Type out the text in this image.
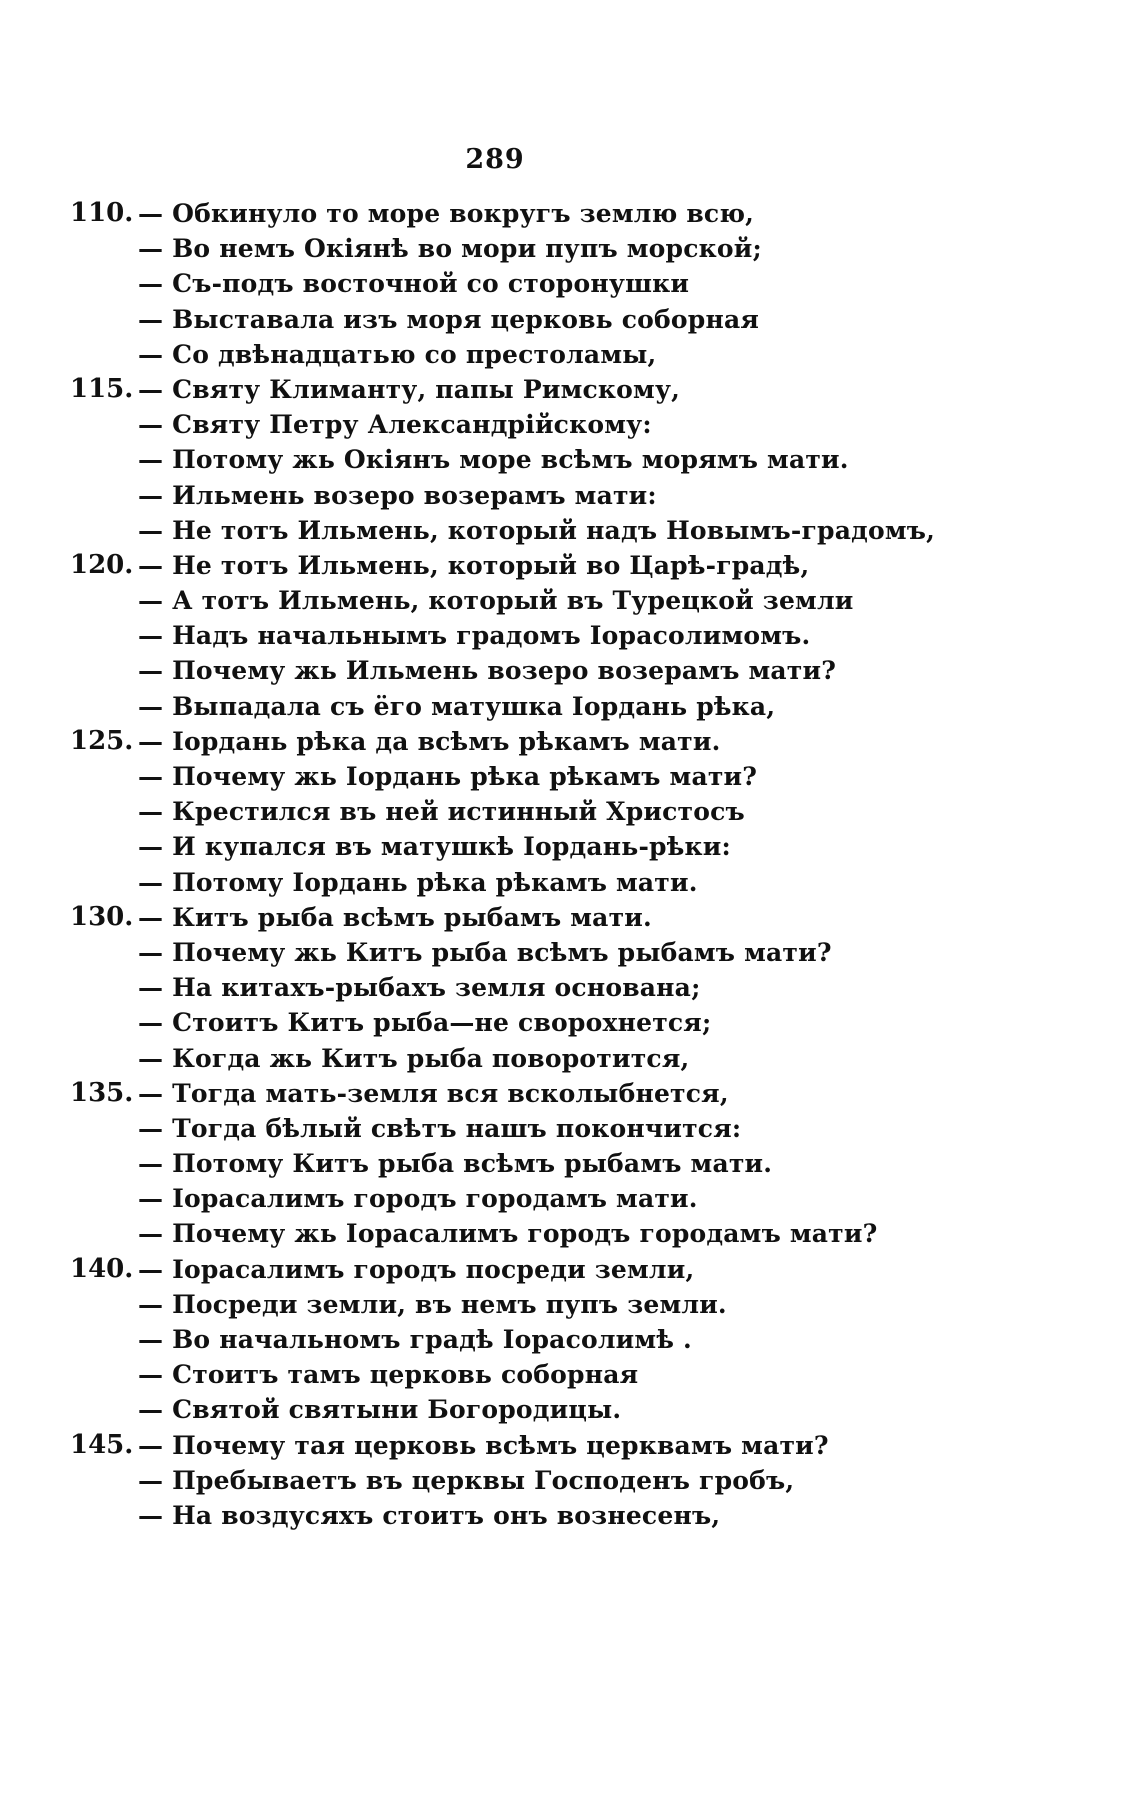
289
110. — Обкинуло то море вокругъ землю всю,
— Во немъ Окіянѣ во мори пупъ морской;
— Съ-подъ восточной со сторонушки
— Выставала изъ моря церковь соборная
— Со двѣнадцатью со престоламы,
115. — Святу Климанту, папы Римскому,
— Святу Петру Александрійскому:
— Потому жь Окіянъ море всѣмъ морямъ мати.
— Ильмень возеро возерамъ мати:
— Не тотъ Ильмень, который надъ Новымъ-градомъ,
120. — Не тотъ Ильмень, который во Царѣ-градѣ,
— А тотъ Ильмень, который въ Турецкой земли
— Надъ начальнымъ градомъ Іорасолимомъ.
— Почему жь Ильмень возеро возерамъ мати?
— Выпадала съ ёго матушка Іордань рѣка,
125. — Іордань рѣка да всѣмъ рѣкамъ мати.
— Почему жь Іордань рѣка рѣкамъ мати?
— Крестился въ ней истинный Христосъ
— И купался въ матушкѣ Іордань-рѣки:
— Потому Іордань рѣка рѣкамъ мати.
130. — Китъ рыба всѣмъ рыбамъ мати.
— Почему жь Китъ рыба всѣмъ рыбамъ мати?
— На китахъ-рыбахъ земля основана;
— Стоитъ Китъ рыба—не сворохнется;
— Когда жь Китъ рыба поворотится,
135. — Тогда мать-земля вся всколыбнется,
— Тогда бѣлый свѣтъ нашъ покончится:
— Потому Китъ рыба всѣмъ рыбамъ мати.
— Іорасалимъ городъ городамъ мати.
— Почему жь Іорасалимъ городъ городамъ мати?
140. — Іорасалимъ городъ посреди земли,
— Посреди земли, въ немъ пупъ земли.
— Во начальномъ градѣ Іорасолимѣ .
— Стоитъ тамъ церковь соборная
— Святой святыни Богородицы.
145. — Почему тая церковь всѣмъ церквамъ мати?
— Пребываетъ въ церквы Господенъ гробъ,
— На воздусяхъ стоитъ онъ вознесенъ,
